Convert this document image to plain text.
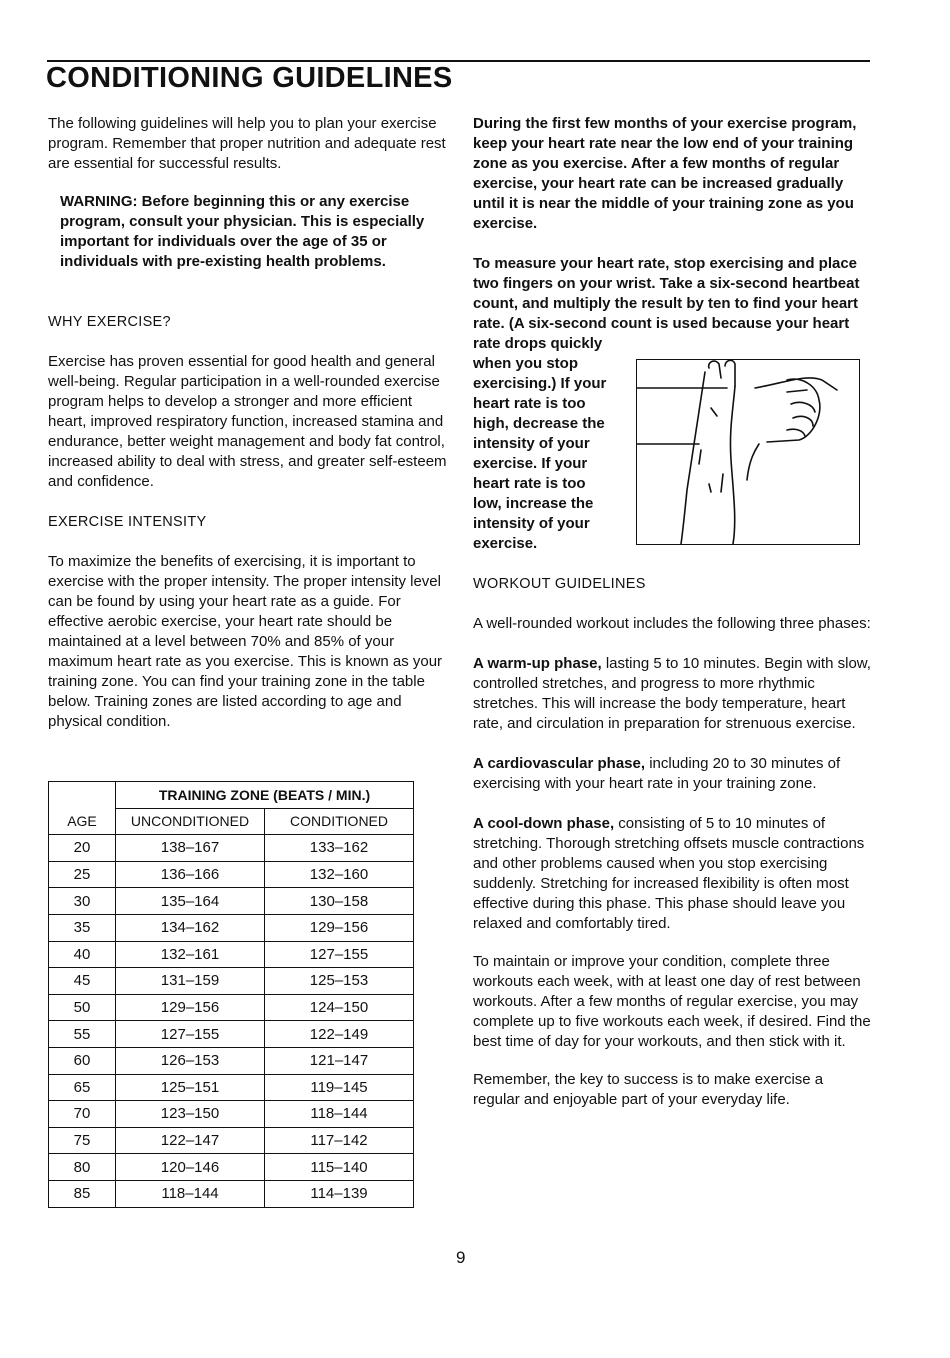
CONDITIONING GUIDELINES

The following guidelines will help you to plan your exercise program. Remember that proper nutrition and adequate rest are essential for successful results.

WARNING: Before beginning this or any exercise program, consult your physician. This is especially important for individuals over the age of 35 or individuals with pre-existing health problems.

WHY EXERCISE?

Exercise has proven essential for good health and general well-being. Regular participation in a well-rounded exercise program helps to develop a stronger and more efficient heart, improved respiratory function, increased stamina and endurance, better weight management and body fat control, increased ability to deal with stress, and greater self-esteem and confidence.

EXERCISE INTENSITY

To maximize the benefits of exercising, it is important to exercise with the proper intensity. The proper intensity level can be found by using your heart rate as a guide. For effective aerobic exercise, your heart rate should be maintained at a level between 70% and 85% of your maximum heart rate as you exercise. This is known as your training zone. You can find your training zone in the table below. Training zones are listed according to age and physical condition.

	TRAINING ZONE (BEATS / MIN.)	
AGE	UNCONDITIONED	CONDITIONED
20	138–167	133–162
25	136–166	132–160
30	135–164	130–158
35	134–162	129–156
40	132–161	127–155
45	131–159	125–153
50	129–156	124–150
55	127–155	122–149
60	126–153	121–147
65	125–151	119–145
70	123–150	118–144
75	122–147	117–142
80	120–146	115–140
85	118–144	114–139

During the first few months of your exercise program, keep your heart rate near the low end of your training zone as you exercise. After a few months of regular exercise, your heart rate can be increased gradually until it is near the middle of your training zone as you exercise.

To measure your heart rate, stop exercising and place two fingers on your wrist. Take a six-second heartbeat count, and multiply the result by ten to find your heart rate. (A six-second count is used because your heart

rate drops quickly when you stop exercising.) If your heart rate is too high, decrease the intensity of your exercise. If your heart rate is too low, increase the intensity of your exercise.

WORKOUT GUIDELINES

A well-rounded workout includes the following three phases:

A warm-up phase, lasting 5 to 10 minutes. Begin with slow, controlled stretches, and progress to more rhythmic stretches. This will increase the body temperature, heart rate, and circulation in preparation for strenuous exercise.

A cardiovascular phase, including 20 to 30 minutes of exercising with your heart rate in your training zone.

A cool-down phase, consisting of 5 to 10 minutes of stretching. Thorough stretching offsets muscle contractions and other problems caused when you stop exercising suddenly. Stretching for increased flexibility is often most effective during this phase. This phase should leave you relaxed and comfortably tired.

To maintain or improve your condition, complete three workouts each week, with at least one day of rest between workouts. After a few months of regular exercise, you may complete up to five workouts each week, if desired. Find the best time of day for your workouts, and then stick with it.

Remember, the key to success is to make exercise a regular and enjoyable part of your everyday life.

9
